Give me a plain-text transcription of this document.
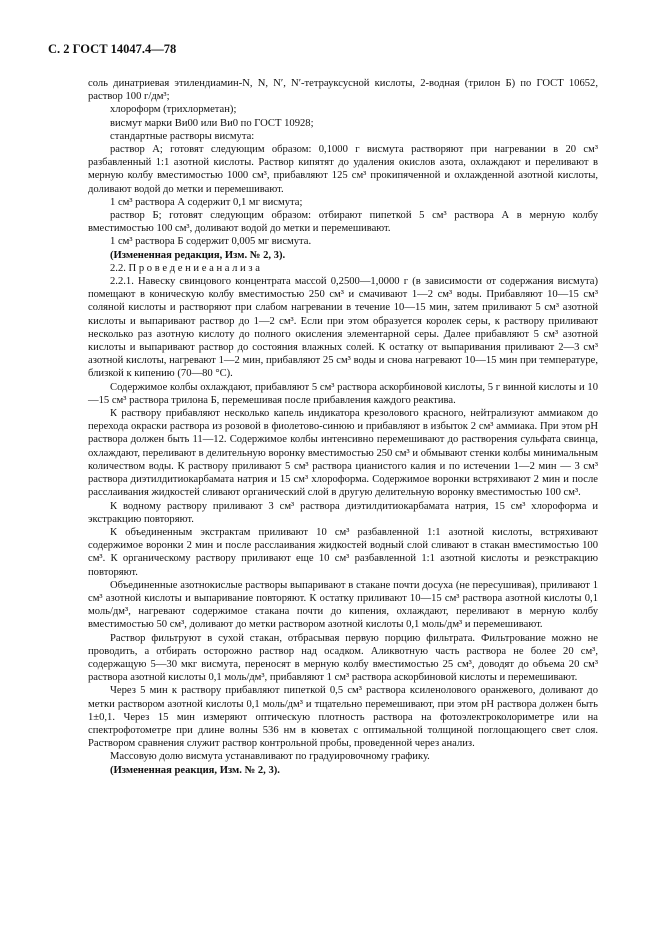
С. 2 ГОСТ 14047.4—78

соль динатриевая этилендиамин-N, N, N′, N′-тетрауксусной кислоты, 2-водная (трилон Б) по ГОСТ 10652, раствор 100 г/дм³;

хлороформ (трихлорметан);

висмут марки Ви00 или Ви0 по ГОСТ 10928;

стандартные растворы висмута:

раствор А; готовят следующим образом: 0,1000 г висмута растворяют при нагревании в 20 см³ разбавленный 1:1 азотной кислоты. Раствор кипятят до удаления окислов азота, охлаждают и переливают в мерную колбу вместимостью 1000 см³, прибавляют 125 см³ прокипяченной и охлажденной азотной кислоты, доливают водой до метки и перемешивают.

1 см³ раствора А содержит 0,1 мг висмута;

раствор Б; готовят следующим образом: отбирают пипеткой 5 см³ раствора А в мерную колбу вместимостью 100 см³, доливают водой до метки и перемешивают.

1 см³ раствора Б содержит 0,005 мг висмута.

(Измененная редакция, Изм. № 2, 3).

2.2. П р о в е д е н и е а н а л и з а

2.2.1. Навеску свинцового концентрата массой 0,2500—1,0000 г (в зависимости от содержания висмута) помещают в коническую колбу вместимостью 250 см³ и смачивают 1—2 см³ воды. Прибавляют 10—15 см³ соляной кислоты и растворяют при слабом нагревании в течение 10—15 мин, затем приливают 5 см³ азотной кислоты и выпаривают раствор до 1—2 см³. Если при этом образуется королек серы, к раствору приливают несколько раз азотную кислоту до полного окисления элементарной серы. Далее прибавляют 5 см³ азотной кислоты и выпаривают раствор до состояния влажных солей. К остатку от выпаривания приливают 2—3 см³ азотной кислоты, нагревают 1—2 мин, прибавляют 25 см³ воды и снова нагревают 10—15 мин при температуре, близкой к кипению (70—80 °С).

Содержимое колбы охлаждают, прибавляют 5 см³ раствора аскорбиновой кислоты, 5 г винной кислоты и 10—15 см³ раствора трилона Б, перемешивая после прибавления каждого реактива.

К раствору прибавляют несколько капель индикатора крезолового красного, нейтрализуют аммиаком до перехода окраски раствора из розовой в фиолетово-синюю и прибавляют в избыток 2 см³ аммиака. При этом рН раствора должен быть 11—12. Содержимое колбы интенсивно перемешивают до растворения сульфата свинца, охлаждают, переливают в делительную воронку вместимостью 250 см³ и обмывают стенки колбы минимальным количеством воды. К раствору приливают 5 см³ раствора цианистого калия и по истечении 1—2 мин — 3 см³ раствора диэтилдитиокарбамата натрия и 15 см³ хлороформа. Содержимое воронки встряхивают 2 мин и после расслаивания жидкостей сливают органический слой в другую делительную воронку вместимостью 100 см³.

К водному раствору приливают 3 см³ раствора диэтилдитиокарбамата натрия, 15 см³ хлороформа и экстракцию повторяют.

К объединенным экстрактам приливают 10 см³ разбавленной 1:1 азотной кислоты, встряхивают содержимое воронки 2 мин и после расслаивания жидкостей водный слой сливают в стакан вместимостью 100 см³. К органическому раствору приливают еще 10 см³ разбавленной 1:1 азотной кислоты и реэкстракцию повторяют.

Объединенные азотнокислые растворы выпаривают в стакане почти досуха (не пересушивая), приливают 1 см³ азотной кислоты и выпаривание повторяют. К остатку приливают 10—15 см³ раствора азотной кислоты 0,1 моль/дм³, нагревают содержимое стакана почти до кипения, охлаждают, переливают в мерную колбу вместимостью 50 см³, доливают до метки раствором азотной кислоты 0,1 моль/дм³ и перемешивают.

Раствор фильтруют в сухой стакан, отбрасывая первую порцию фильтрата. Фильтрование можно не проводить, а отбирать осторожно раствор над осадком. Аликвотную часть раствора не более 20 см³, содержащую 5—30 мкг висмута, переносят в мерную колбу вместимостью 25 см³, доводят до объема 20 см³ раствора азотной кислоты 0,1 моль/дм³, прибавляют 1 см³ раствора аскорбиновой кислоты и перемешивают.

Через 5 мин к раствору прибавляют пипеткой 0,5 см³ раствора ксиленолового оранжевого, доливают до метки раствором азотной кислоты 0,1 моль/дм³ и тщательно перемешивают, при этом рН раствора должен быть 1±0,1. Через 15 мин измеряют оптическую плотность раствора на фотоэлектроколориметре или на спектрофотометре при длине волны 536 нм в кюветах с оптимальной толщиной поглощающего свет слоя. Раствором сравнения служит раствор контрольной пробы, проведенной через анализ.

Массовую долю висмута устанавливают по градуировочному графику.

(Измененная реакция, Изм. № 2, 3).
